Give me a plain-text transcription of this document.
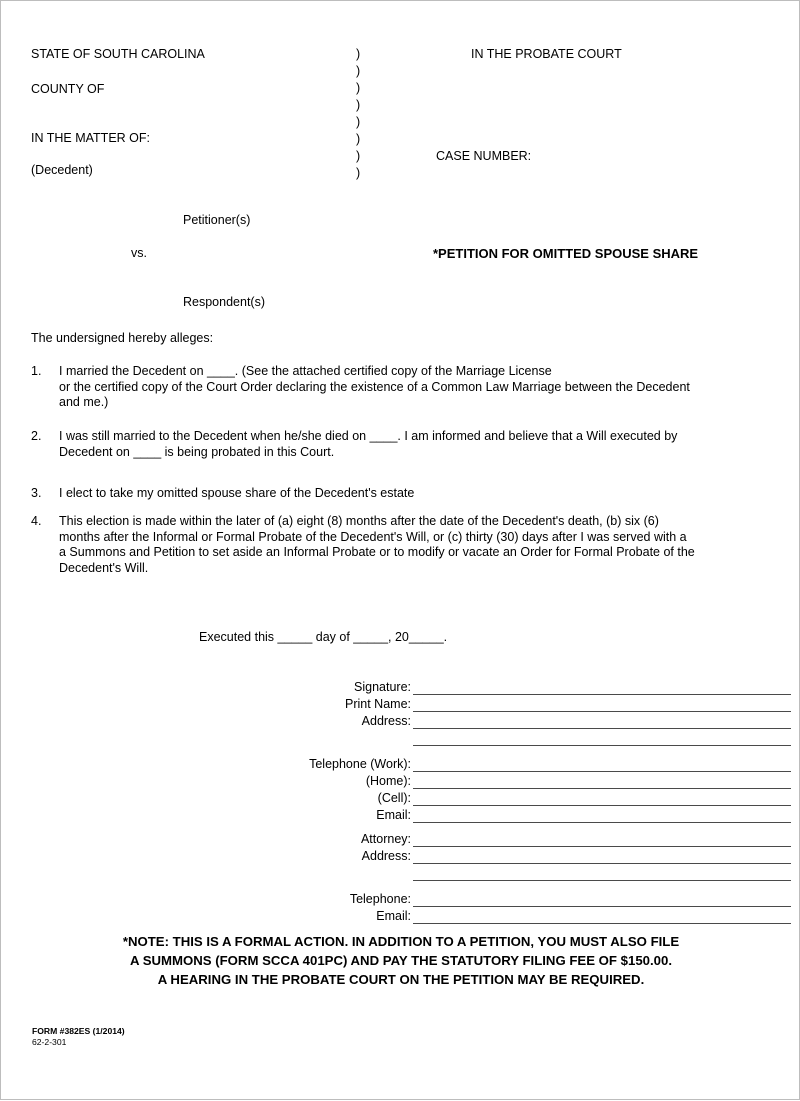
STATE OF SOUTH CAROLINA
COUNTY OF
IN THE MATTER OF:
(Decedent)
)
)
)
)
)
)
)
)
IN THE PROBATE COURT
CASE NUMBER:
Petitioner(s)
vs.	*PETITION FOR OMITTED SPOUSE SHARE
Respondent(s)
The undersigned hereby alleges:
1.	I married the Decedent on ____. (See the attached certified copy of the Marriage License
or the certified copy of the Court Order declaring the existence of a Common Law Marriage between the Decedent
and me.)
2.	I was still married to the Decedent when he/she died on ____. I am informed and believe that a Will executed by
Decedent on ____ is being probated in this Court.
3.	I elect to take my omitted spouse share of the Decedent's estate
4.	This election is made within the later of (a) eight (8) months after the date of the Decedent's death, (b) six (6)
months after the Informal or Formal Probate of the Decedent's Will, or (c) thirty (30) days after I was served with a
a Summons and Petition to set aside an Informal Probate or to modify or vacate an Order for Formal Probate of the
Decedent's Will.
Executed this _____ day of _____, 20_____.
Signature:
Print Name:
Address:
Telephone (Work):
(Home):
(Cell):
Email:
Attorney:
Address:
Telephone:
Email:
*NOTE: THIS IS A FORMAL ACTION. IN ADDITION TO A PETITION, YOU MUST ALSO FILE
A SUMMONS (FORM SCCA 401PC) AND PAY THE STATUTORY FILING FEE OF $150.00.
A HEARING IN THE PROBATE COURT ON THE PETITION MAY BE REQUIRED.
FORM #382ES (1/2014)
62-2-301
